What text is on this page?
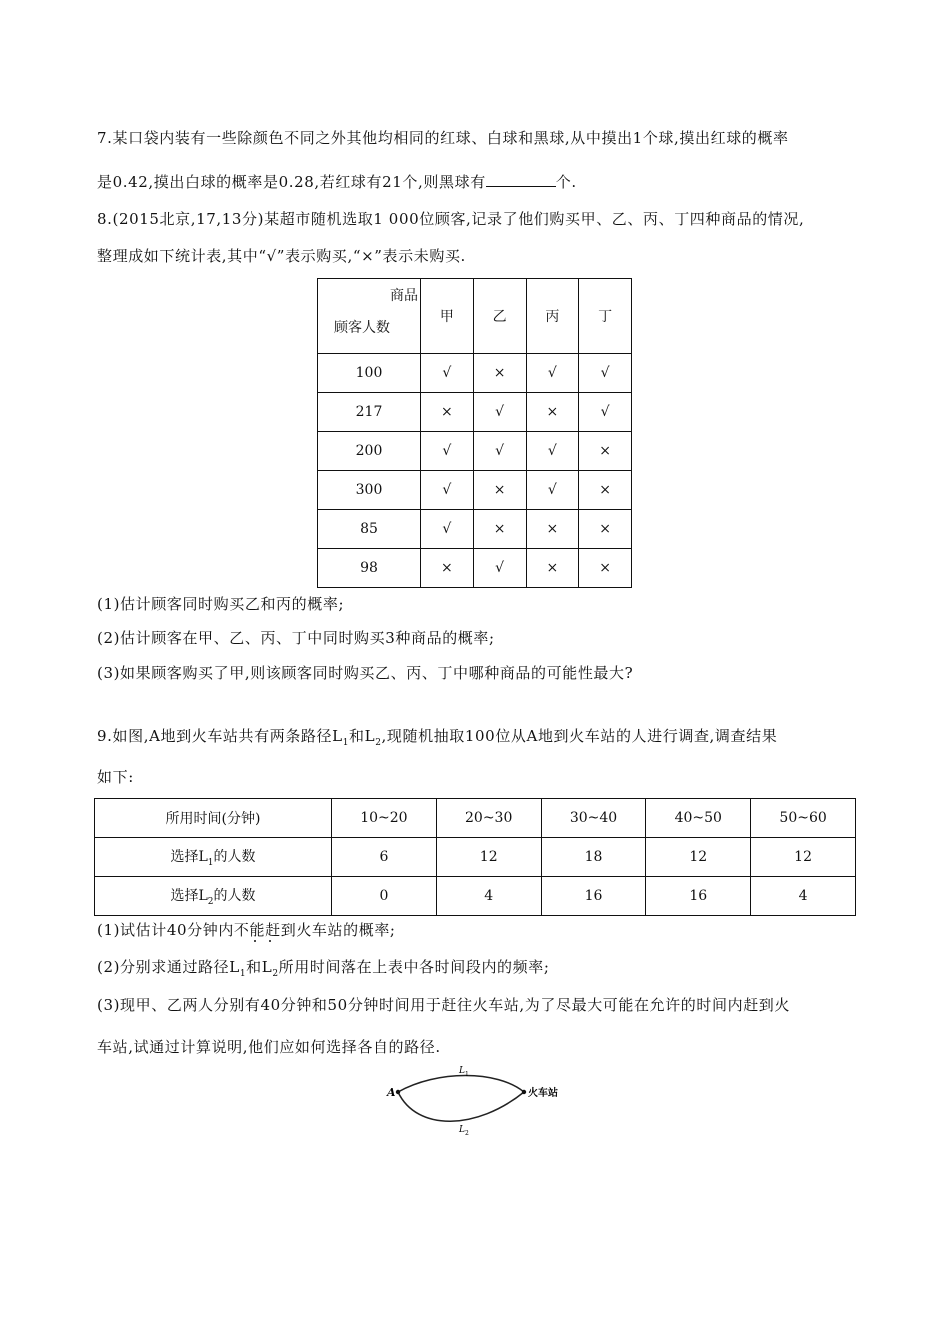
7.某口袋内装有一些除颜色不同之外其他均相同的红球、白球和黑球,从中摸出1个球,摸出红球的概率
是0.42,摸出白球的概率是0.28,若红球有21个,则黑球有	个.
8.(2015北京,17,13分)某超市随机选取1 000位顾客,记录了他们购买甲、乙、丙、丁四种商品的情况,
整理成如下统计表,其中“√”表示购买,“×”表示未购买.
商品
顾客人数	甲	乙	丙	丁
100	√	×	√	√
217	×	√	×	√
200	√	√	√	×
300	√	×	√	×
85	√	×	×	×
98	×	√	×	×
(1)估计顾客同时购买乙和丙的概率;
(2)估计顾客在甲、乙、丙、丁中同时购买3种商品的概率;
(3)如果顾客购买了甲,则该顾客同时购买乙、丙、丁中哪种商品的可能性最大?
9.如图,A地到火车站共有两条路径$L_1$和$L_2$,现随机抽取100位从A地到火车站的人进行调查,调查结果
如下:
所用时间(分钟)	10~20	20~30	30~40	40~50	50~60
选择$L_1$的人数	6	12	18	12	12
选择$L_2$的人数	0	4	16	16	4
(1)试估计40分钟内不能赶到火车站的概率;
(2)分别求通过路径$L_1$和$L_2$所用时间落在上表中各时间段内的频率;
(3)现甲、乙两人分别有40分钟和50分钟时间用于赶往火车站,为了尽最大可能在允许的时间内赶到火
车站,试通过计算说明,他们应如何选择各自的路径.
A	火车站
L 1
L 2
